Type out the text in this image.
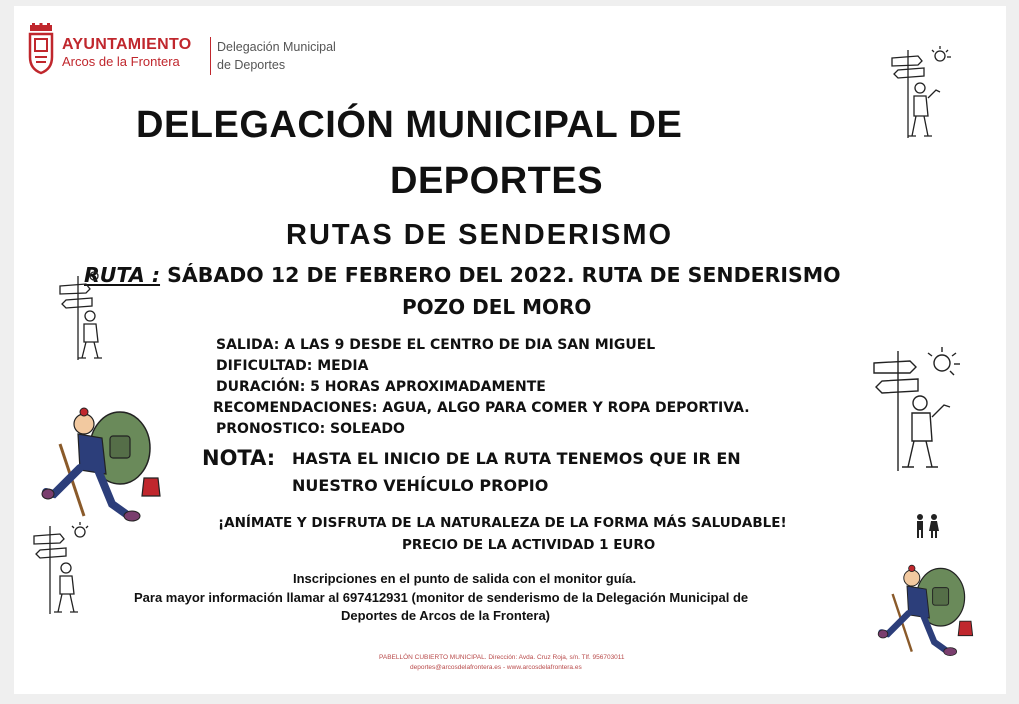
AYUNTAMIENTO
Arcos de la Frontera
Delegación Municipal
de Deportes
DELEGACIÓN MUNICIPAL DE
DEPORTES
RUTAS DE SENDERISMO
RUTA : SÁBADO 12 DE FEBRERO DEL 2022. RUTA DE SENDERISMO
POZO DEL MORO
SALIDA: A LAS 9 DESDE EL CENTRO DE DIA SAN MIGUEL
DIFICULTAD: MEDIA
DURACIÓN: 5 HORAS APROXIMADAMENTE
RECOMENDACIONES: AGUA, ALGO PARA COMER Y ROPA DEPORTIVA.
PRONOSTICO: SOLEADO
NOTA: HASTA EL INICIO DE LA RUTA TENEMOS QUE IR EN
NUESTRO VEHÍCULO PROPIO
¡ANÍMATE Y DISFRUTA DE LA NATURALEZA DE LA FORMA MÁS SALUDABLE!
PRECIO DE LA ACTIVIDAD 1 EURO
Inscripciones en el punto de salida con el monitor guía.
Para mayor información llamar al 697412931 (monitor de senderismo de la Delegación Municipal de
Deportes de Arcos de la Frontera)
PABELLÓN CUBIERTO MUNICIPAL. Dirección: Avda. Cruz Roja, s/n. Tlf. 956703011
deportes@arcosdelafrontera.es - www.arcosdelafrontera.es
